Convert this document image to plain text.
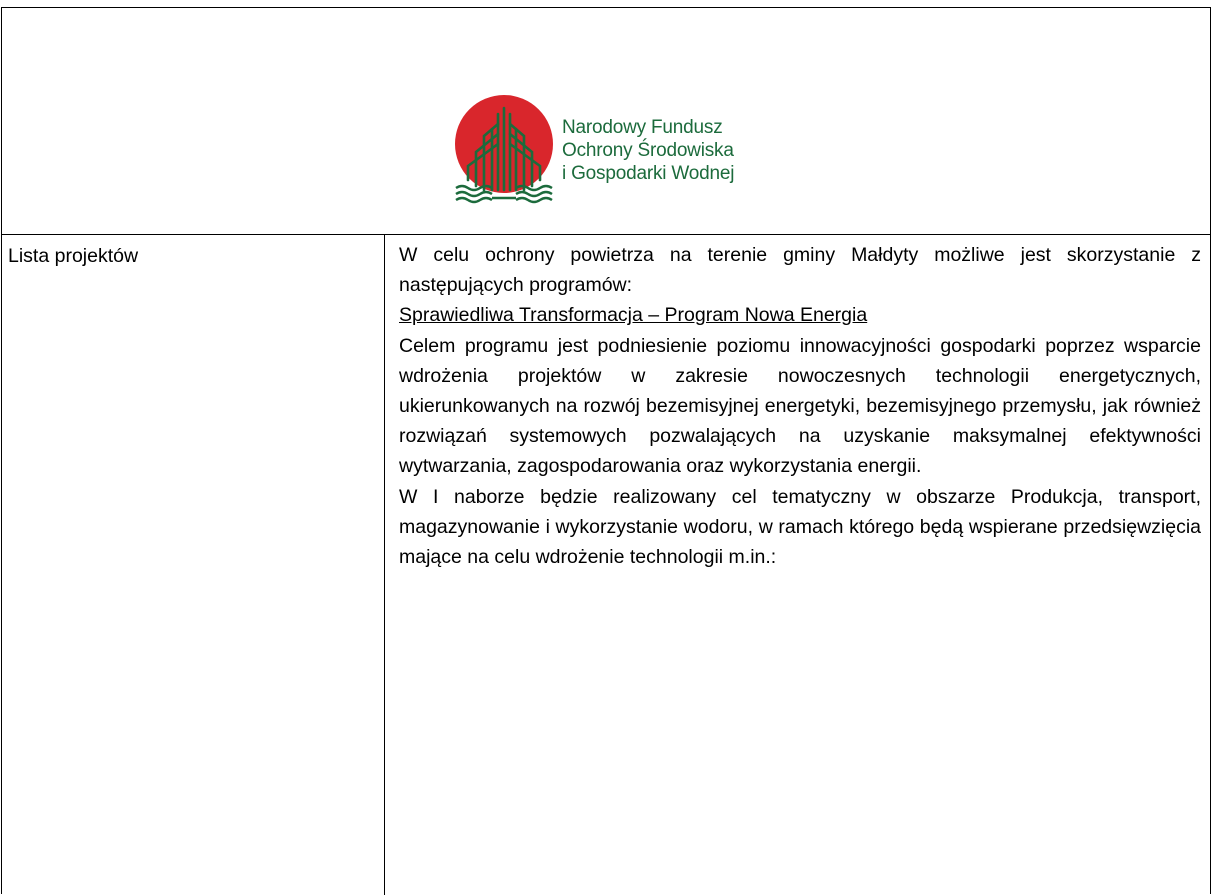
Narodowy Fundusz
Ochrony Środowiska
i Gospodarki Wodnej
Lista projektów	W celu ochrony powietrza na terenie gminy Małdyty możliwe jest skorzystanie z następujących programów:

Sprawiedliwa Transformacja – Program Nowa Energia

Celem programu jest podniesienie poziomu innowacyjności gospodarki poprzez wsparcie wdrożenia projektów w zakresie nowoczesnych technologii energetycznych, ukierunkowanych na rozwój bezemisyjnej energetyki, bezemisyjnego przemysłu, jak również rozwiązań systemowych pozwalających na uzyskanie maksymalnej efektywności wytwarzania, zagospodarowania oraz wykorzystania energii.

W I naborze będzie realizowany cel tematyczny w obszarze Produkcja, transport, magazynowanie i wykorzystanie wodoru, w ramach którego będą wspierane przedsięwzięcia mające na celu wdrożenie technologii m.in.:
